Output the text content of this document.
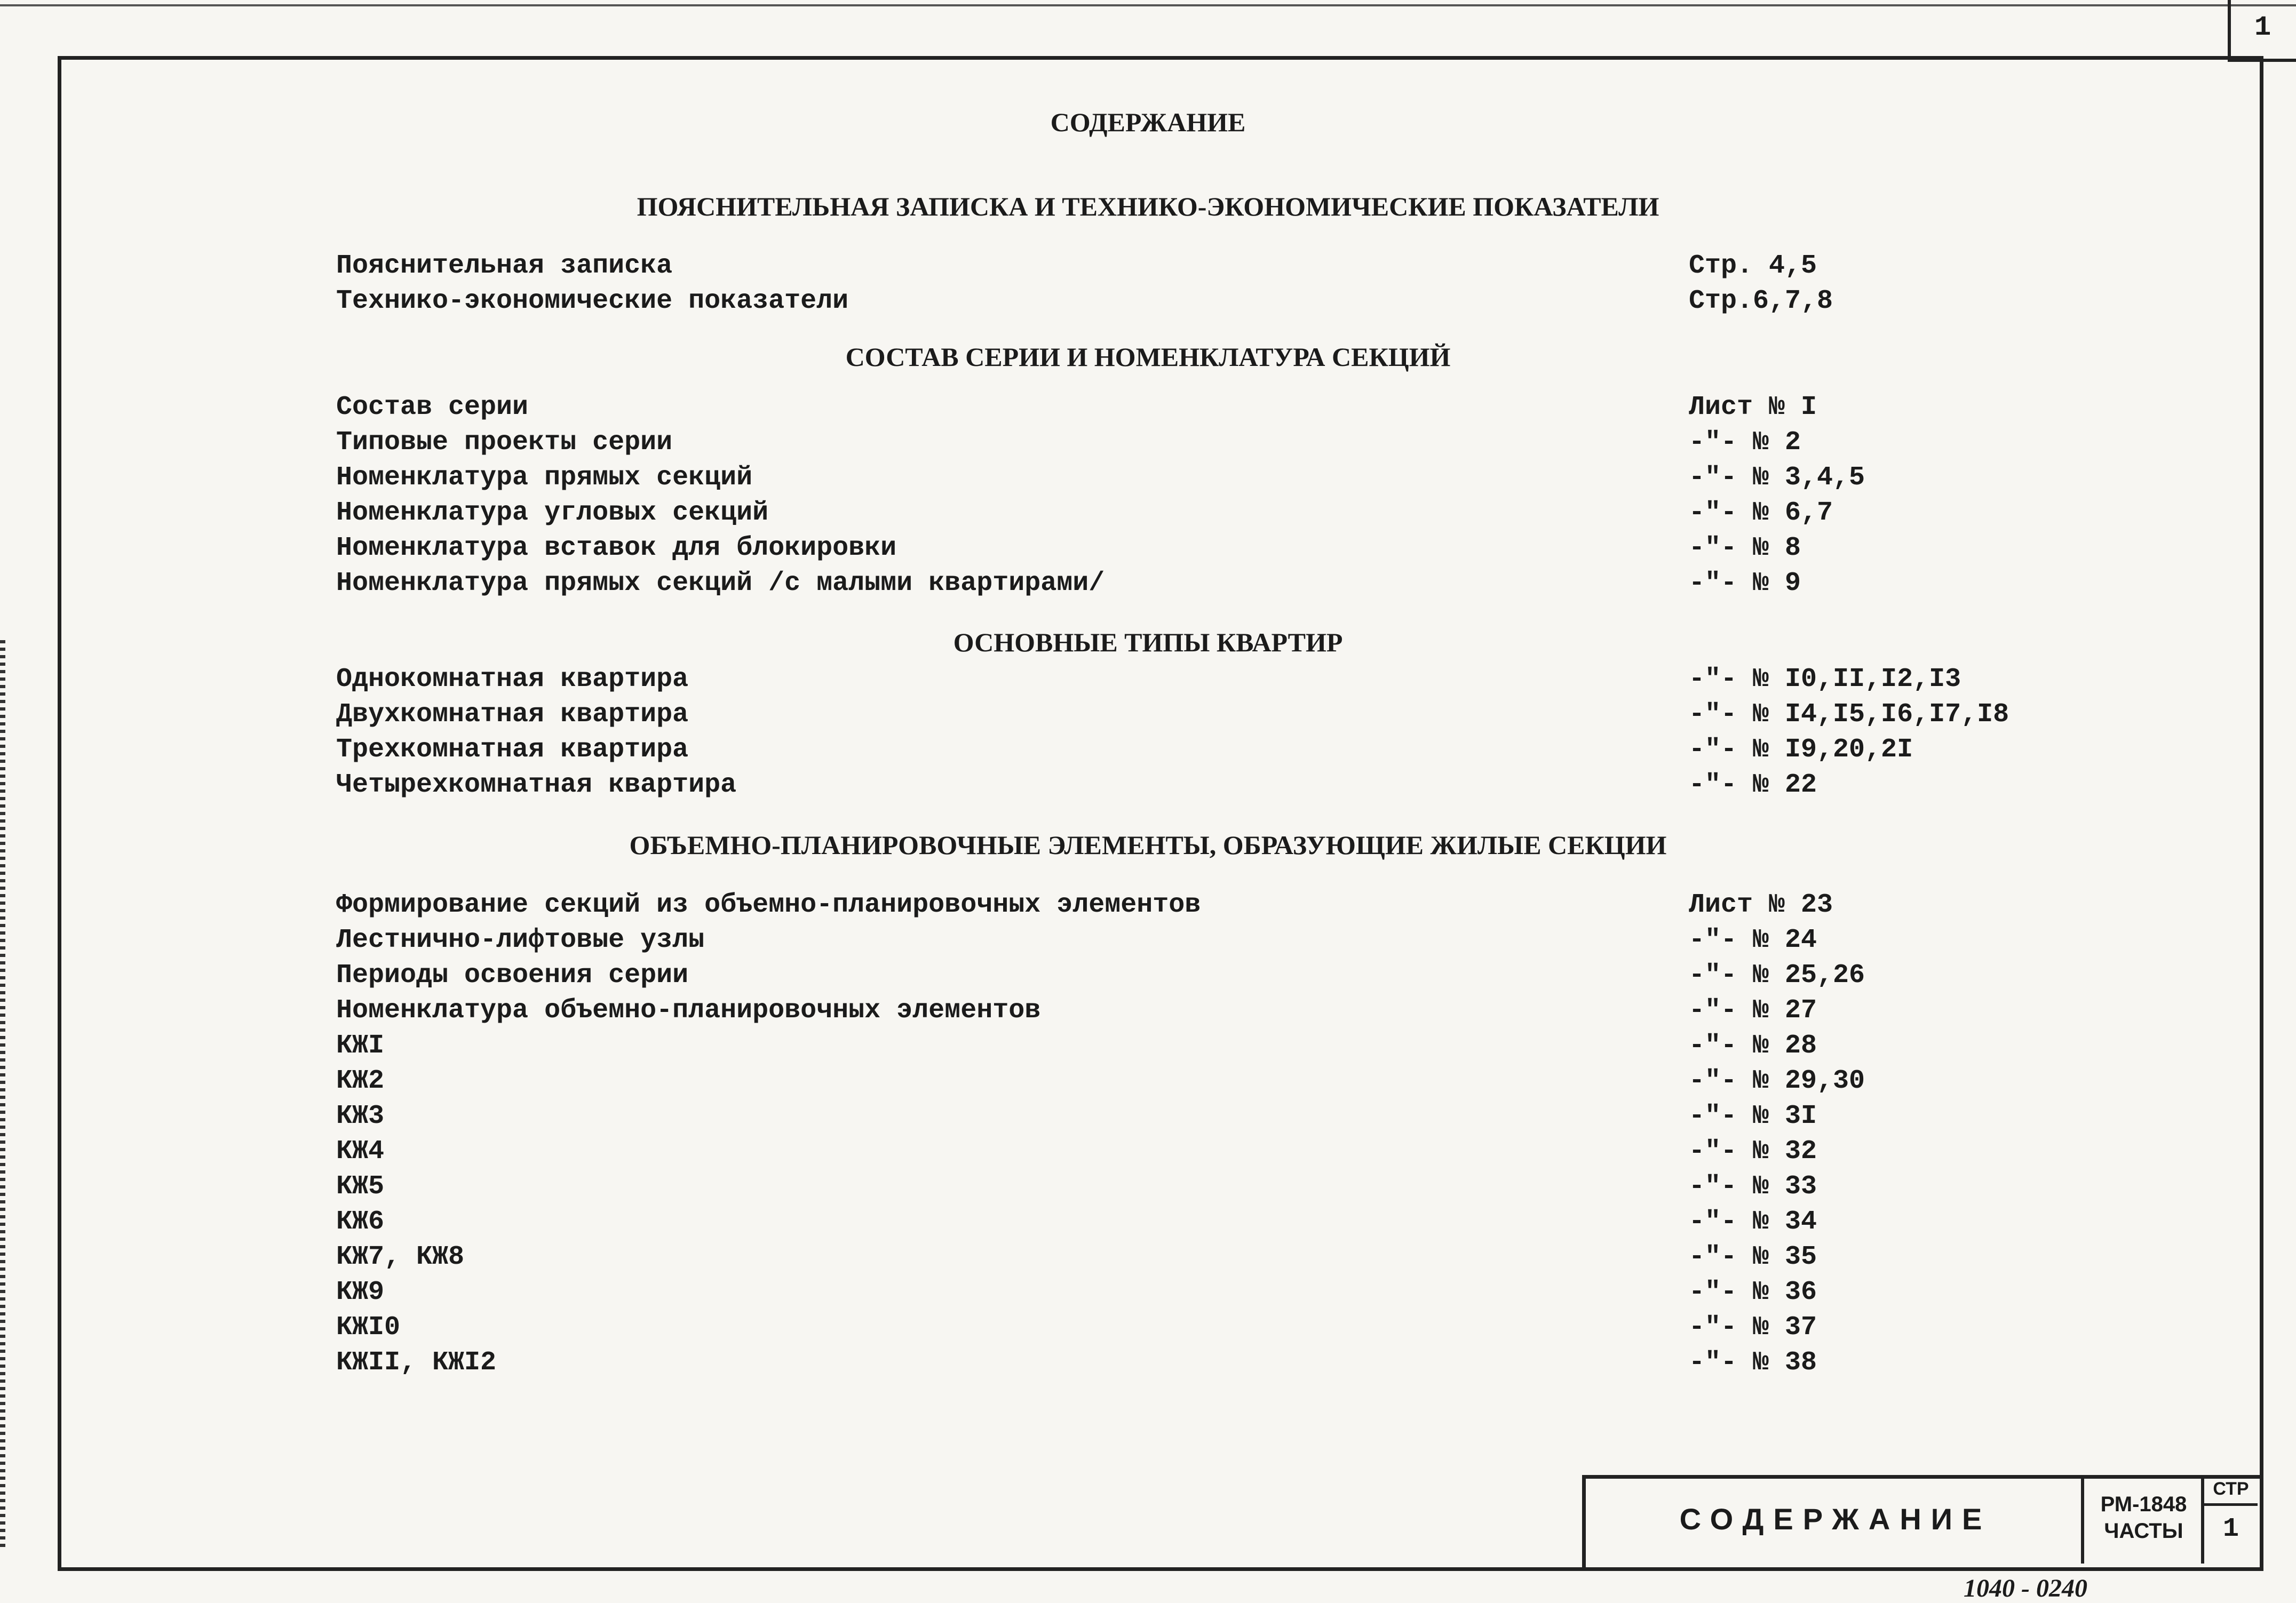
1
СОДЕРЖАНИЕ
ПОЯСНИТЕЛЬНАЯ ЗАПИСКА И ТЕХНИКО-ЭКОНОМИЧЕСКИЕ ПОКАЗАТЕЛИ
Пояснительная записка	Стр. 4,5
Технико-экономические показатели	Стр.6,7,8
СОСТАВ СЕРИИ И НОМЕНКЛАТУРА СЕКЦИЙ
Состав серии	Лист № I
Типовые проекты серии	-"- № 2
Номенклатура прямых секций	-"- № 3,4,5
Номенклатура угловых секций	-"- № 6,7
Номенклатура вставок для блокировки	-"- № 8
Номенклатура прямых секций /с малыми квартирами/	-"- № 9
ОСНОВНЫЕ ТИПЫ КВАРТИР
Однокомнатная квартира	-"- № I0,II,I2,I3
Двухкомнатная квартира	-"- № I4,I5,I6,I7,I8
Трехкомнатная квартира	-"- № I9,20,2I
Четырехкомнатная квартира	-"- № 22
ОБЪЕМНО-ПЛАНИРОВОЧНЫЕ ЭЛЕМЕНТЫ, ОБРАЗУЮЩИЕ ЖИЛЫЕ СЕКЦИИ
Формирование секций из объемно-планировочных элементов	Лист № 23
Лестнично-лифтовые узлы	-"- № 24
Периоды освоения серии	-"- № 25,26
Номенклатура объемно-планировочных элементов	-"- № 27
КЖI	-"- № 28
КЖ2	-"- № 29,30
КЖ3	-"- № 3I
КЖ4	-"- № 32
КЖ5	-"- № 33
КЖ6	-"- № 34
КЖ7, КЖ8	-"- № 35
КЖ9	-"- № 36
КЖI0	-"- № 37
КЖII, КЖI2	-"- № 38
СОДЕРЖАНИЕ	РМ-1848
ЧАСТЬI
СТР
1
1040 - 0240
